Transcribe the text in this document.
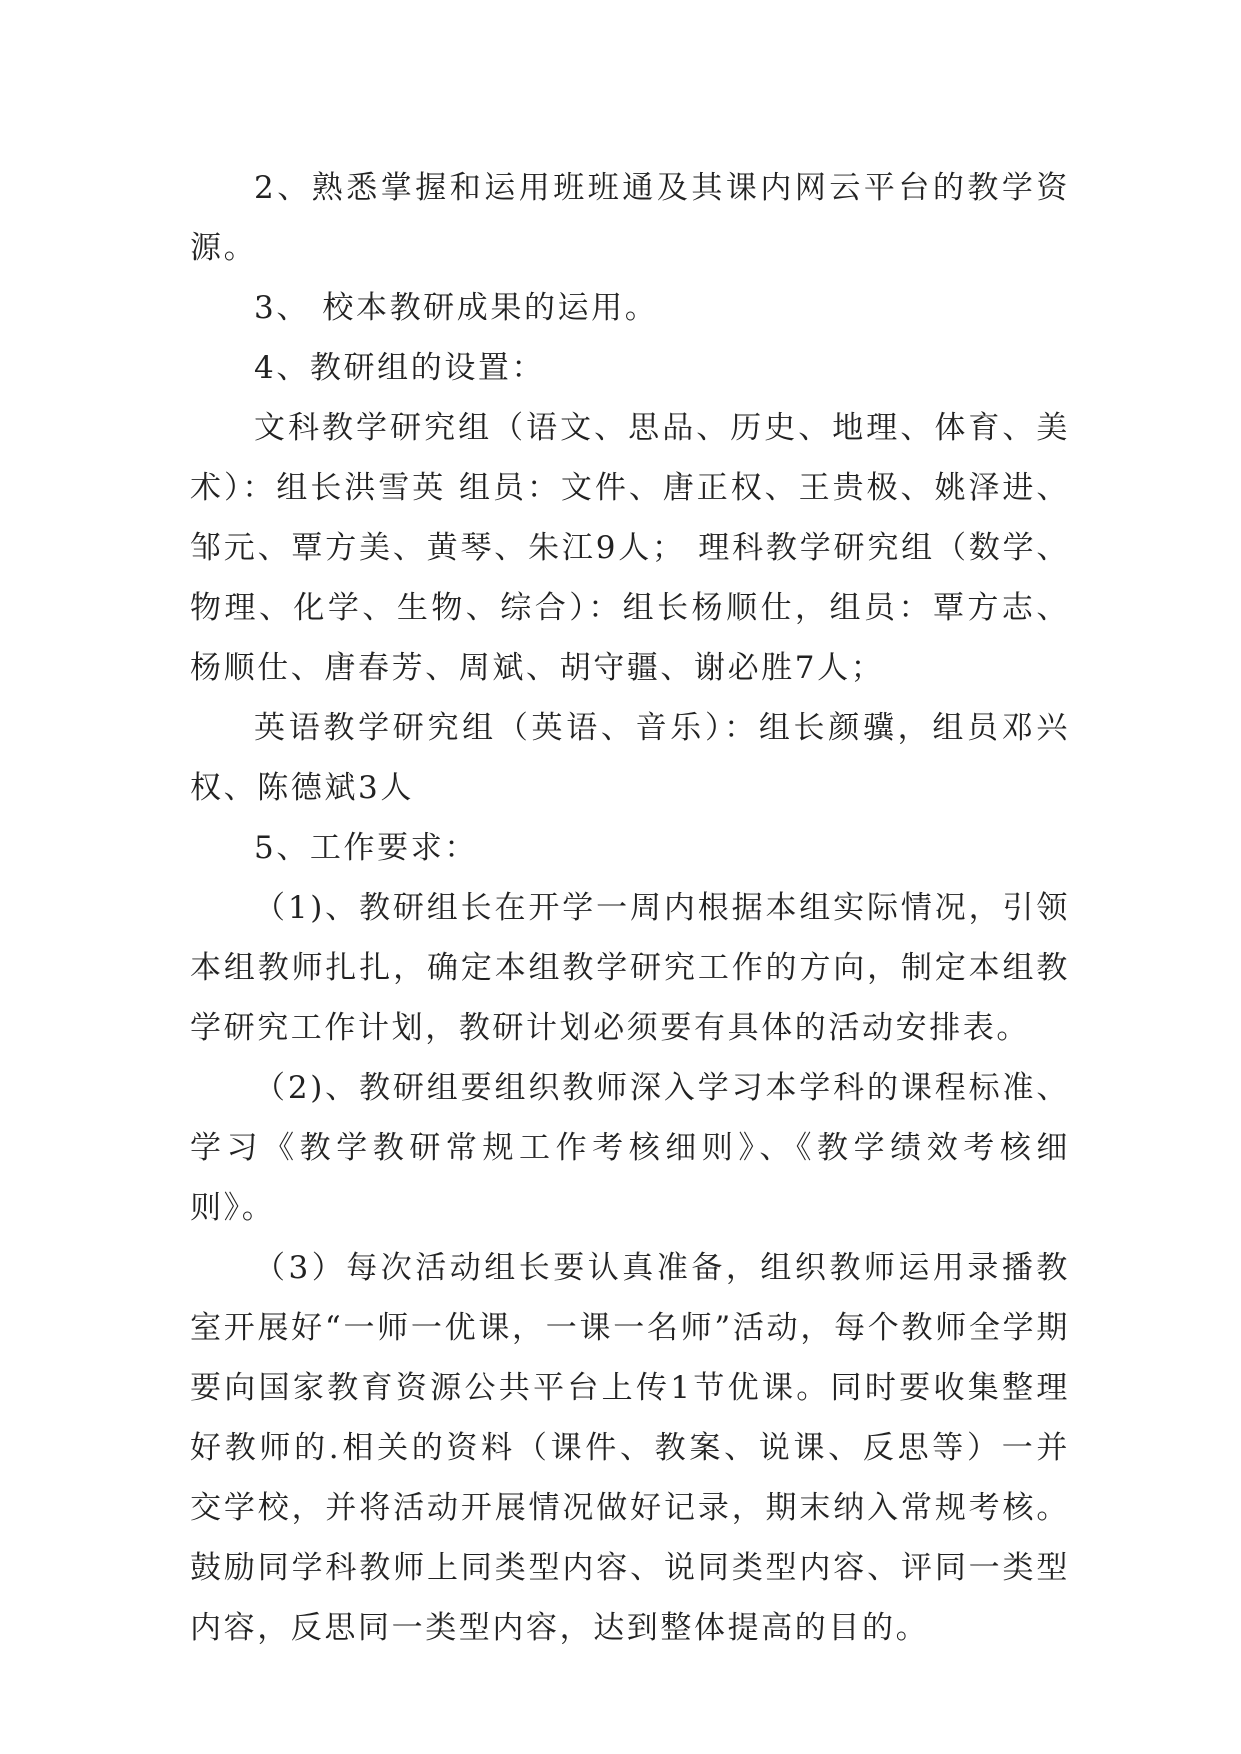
2、熟悉掌握和运用班班通及其课内网云平台的教学资源。

3、 校本教研成果的运用。

4、教研组的设置：

文科教学研究组（语文、思品、历史、地理、体育、美术）：组长洪雪英 组员：文件、唐正权、王贵极、姚泽进、邹元、覃方美、黄琴、朱江9人； 理科教学研究组（数学、物理、化学、生物、综合）：组长杨顺仕，组员：覃方志、杨顺仕、唐春芳、周斌、胡守疆、谢必胜7人；

英语教学研究组（英语、音乐）：组长颜骥，组员邓兴权、陈德斌3人

5、工作要求：

（1)、教研组长在开学一周内根据本组实际情况，引领本组教师扎扎，确定本组教学研究工作的方向，制定本组教学研究工作计划，教研计划必须要有具体的活动安排表。

（2)、教研组要组织教师深入学习本学科的课程标准、学习《教学教研常规工作考核细则》、《教学绩效考核细则》。

（3）每次活动组长要认真准备，组织教师运用录播教室开展好“一师一优课，一课一名师”活动，每个教师全学期要向国家教育资源公共平台上传1节优课。同时要收集整理好教师的.相关的资料（课件、教案、说课、反思等）一并交学校，并将活动开展情况做好记录，期末纳入常规考核。鼓励同学科教师上同类型内容、说同类型内容、评同一类型内容，反思同一类型内容，达到整体提高的目的。
